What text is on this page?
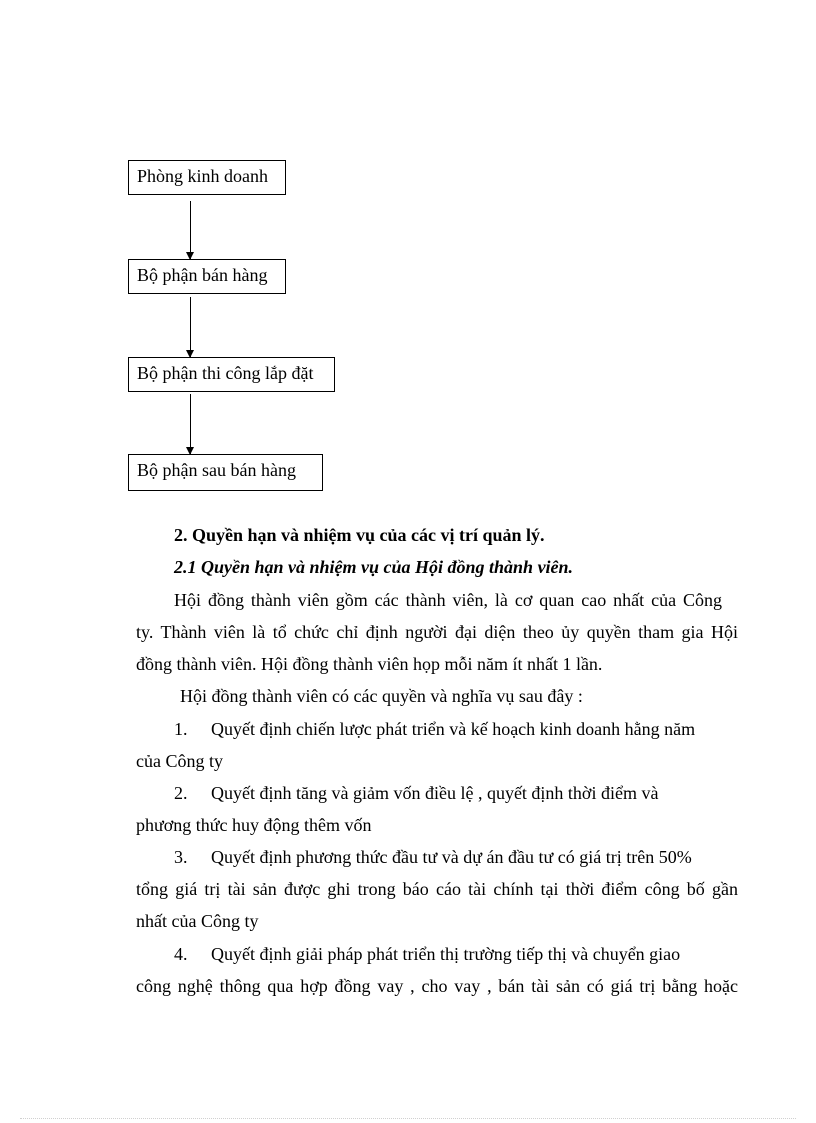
Phòng kinh doanh
Bộ phận bán hàng
Bộ phận thi công lắp đặt
Bộ phận sau bán hàng
2. Quyền hạn và nhiệm vụ của các vị trí quản lý.
2.1 Quyền hạn và nhiệm vụ của Hội đồng thành viên.
Hội đồng thành viên gồm các thành viên, là cơ quan cao nhất của Công
ty. Thành viên là tổ chức chỉ định người đại diện theo ủy quyền tham gia Hội
đồng thành viên. Hội đồng thành viên họp mỗi năm ít nhất 1 lần.
Hội đồng thành viên có các quyền và nghĩa vụ sau đây :
1. Quyết định chiến lược phát triển và kế hoạch kinh doanh hằng năm
của Công ty
2. Quyết định tăng và giảm vốn điều lệ , quyết định thời điểm và
phương thức huy động thêm vốn
3. Quyết định phương thức đầu tư và dự án đầu tư có giá trị trên 50%
tổng giá trị tài sản được ghi trong báo cáo tài chính tại thời điểm công bố gần
nhất của Công ty
4. Quyết định giải pháp phát triển thị trường tiếp thị và chuyển giao
công nghệ thông qua hợp đồng vay , cho vay , bán tài sản có giá trị bằng hoặc
